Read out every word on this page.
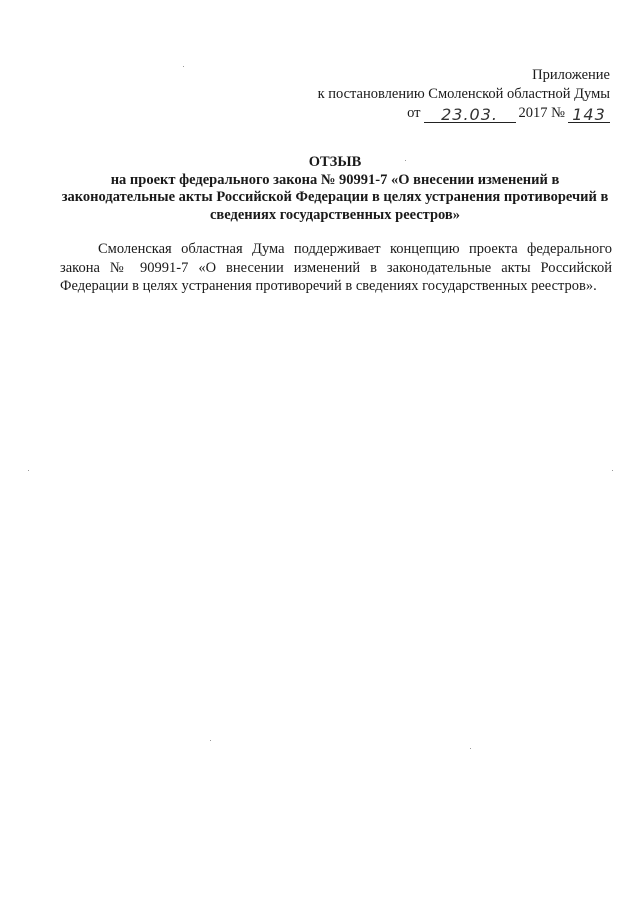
Приложение
к постановлению Смоленской областной Думы
от	23.03.	2017 № 143
ОТЗЫВ
на проект федерального закона № 90991-7 «О внесении изменений в законодательные акты Российской Федерации в целях устранения противоречий в сведениях государственных реестров»
Смоленская областная Дума поддерживает концепцию проекта федерального закона № 90991-7 «О внесении изменений в законодательные акты Российской Федерации в целях устранения противоречий в сведениях государственных реестров».
